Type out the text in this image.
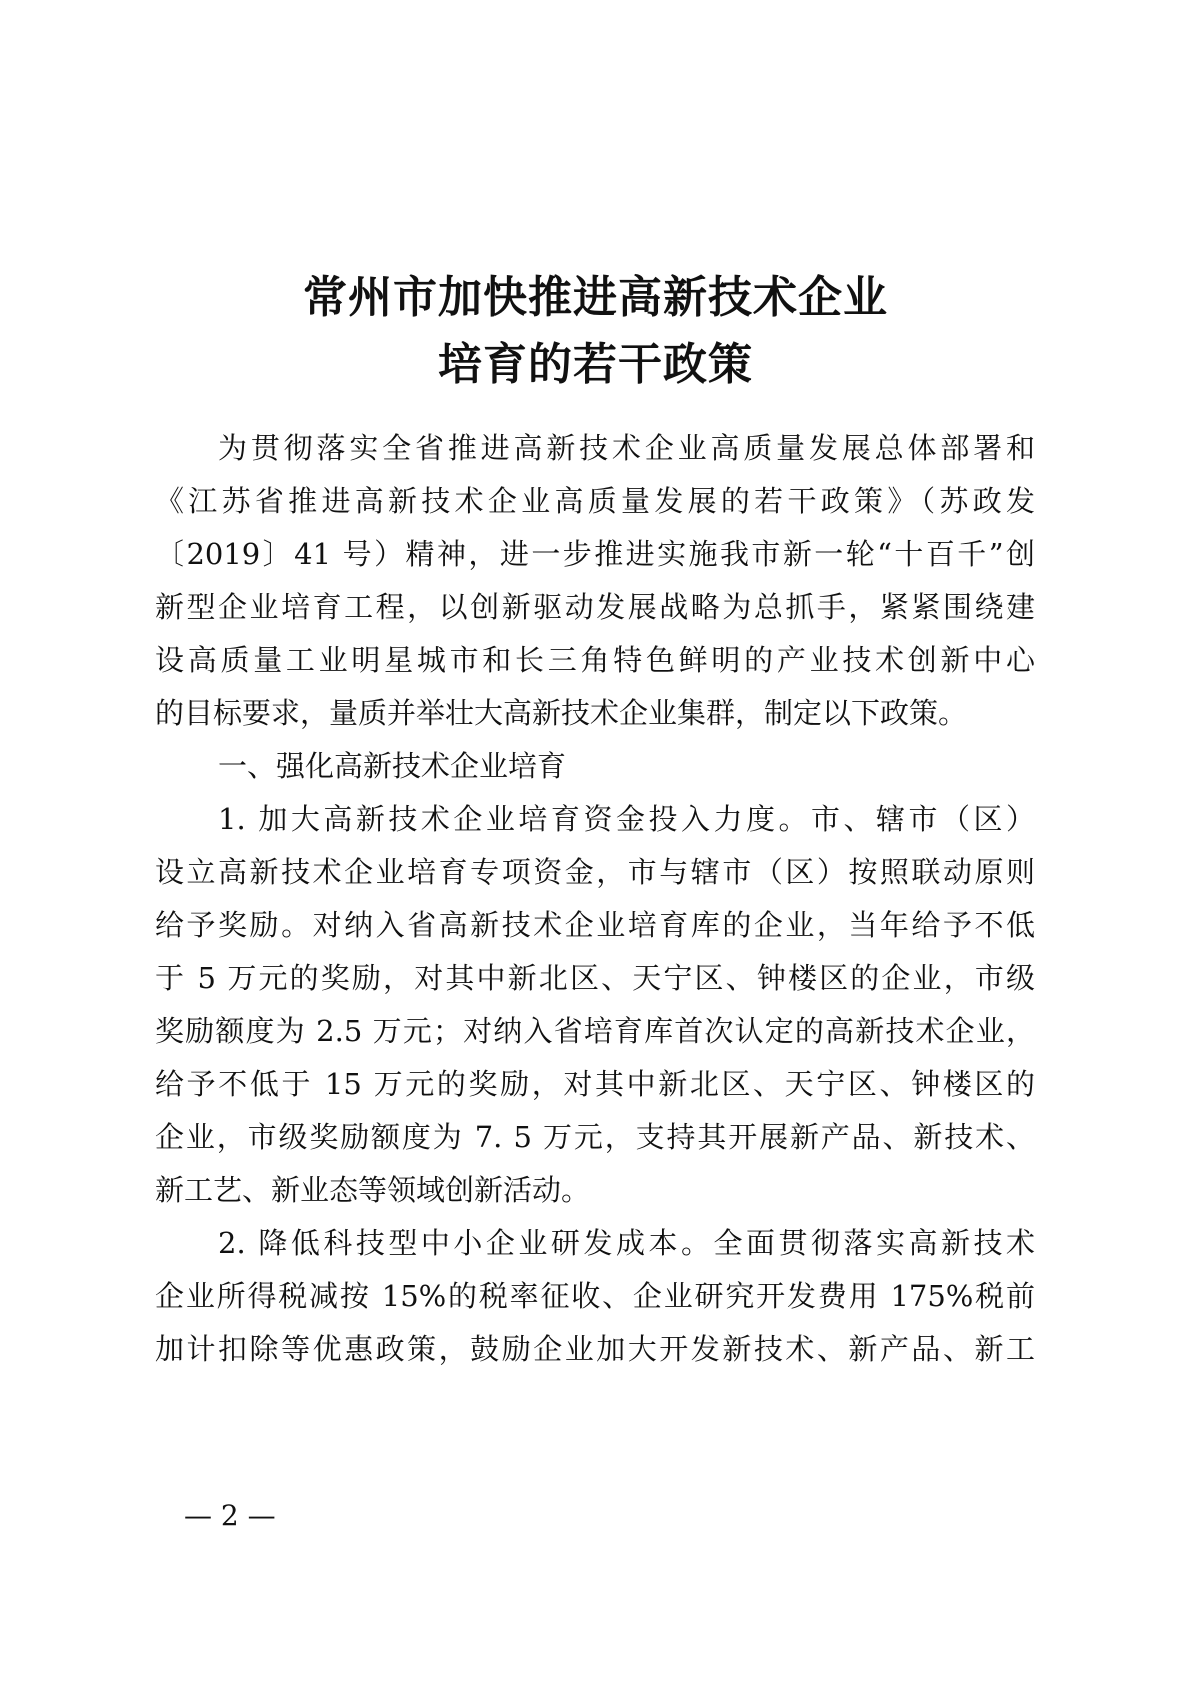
常州市加快推进高新技术企业
培育的若干政策
为贯彻落实全省推进高新技术企业高质量发展总体部署和
《江苏省推进高新技术企业高质量发展的若干政策》（苏政发
〔2019〕41 号）精神，进一步推进实施我市新一轮“十百千”创
新型企业培育工程，以创新驱动发展战略为总抓手，紧紧围绕建
设高质量工业明星城市和长三角特色鲜明的产业技术创新中心
的目标要求，量质并举壮大高新技术企业集群，制定以下政策。
一、强化高新技术企业培育
1. 加大高新技术企业培育资金投入力度。市、辖市（区）
设立高新技术企业培育专项资金，市与辖市（区）按照联动原则
给予奖励。对纳入省高新技术企业培育库的企业，当年给予不低
于 5 万元的奖励，对其中新北区、天宁区、钟楼区的企业，市级
奖励额度为 2.5 万元；对纳入省培育库首次认定的高新技术企业，
给予不低于 15 万元的奖励，对其中新北区、天宁区、钟楼区的
企业，市级奖励额度为 7. 5 万元，支持其开展新产品、新技术、
新工艺、新业态等领域创新活动。
2. 降低科技型中小企业研发成本。全面贯彻落实高新技术
企业所得税减按 15%的税率征收、企业研究开发费用 175%税前
加计扣除等优惠政策，鼓励企业加大开发新技术、新产品、新工
— 2 —
